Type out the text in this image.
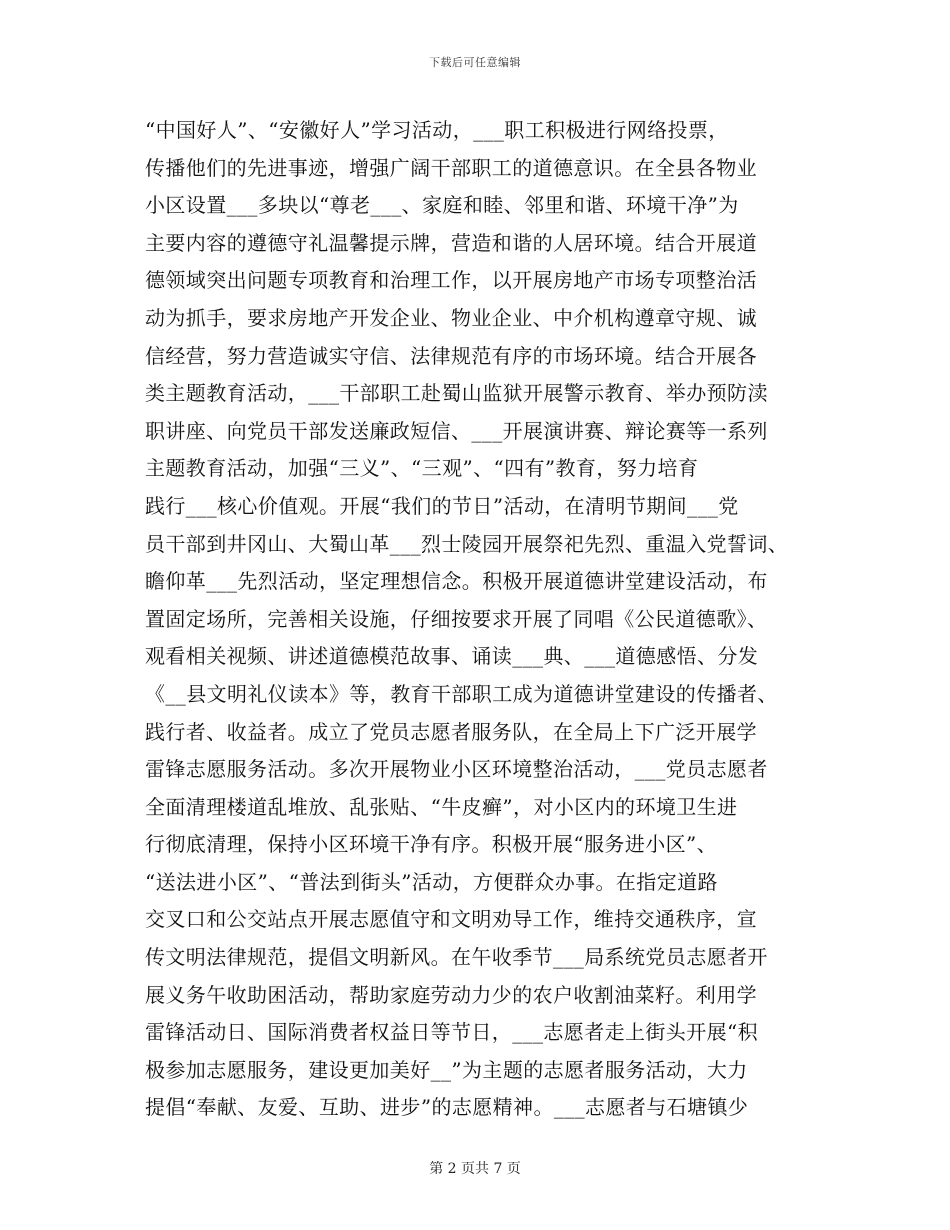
下载后可任意编辑
“中国好人”、“安徽好人”学习活动，___职工积极进行网络投票，
传播他们的先进事迹，增强广阔干部职工的道德意识。在全县各物业
小区设置___多块以“尊老___、家庭和睦、邻里和谐、环境干净”为
主要内容的遵德守礼温馨提示牌，营造和谐的人居环境。结合开展道
德领域突出问题专项教育和治理工作，以开展房地产市场专项整治活
动为抓手，要求房地产开发企业、物业企业、中介机构遵章守规、诚
信经营，努力营造诚实守信、法律规范有序的市场环境。结合开展各
类主题教育活动，___干部职工赴蜀山监狱开展警示教育、举办预防渎
职讲座、向党员干部发送廉政短信、___开展演讲赛、辩论赛等一系列
主题教育活动，加强“三义”、“三观”、“四有”教育，努力培育
践行___核心价值观。开展“我们的节日”活动，在清明节期间___党
员干部到井冈山、大蜀山革___烈士陵园开展祭祀先烈、重温入党誓词、
瞻仰革___先烈活动，坚定理想信念。积极开展道德讲堂建设活动，布
置固定场所，完善相关设施，仔细按要求开展了同唱《公民道德歌》、
观看相关视频、讲述道德模范故事、诵读___典、___道德感悟、分发
《__县文明礼仪读本》等，教育干部职工成为道德讲堂建设的传播者、
践行者、收益者。成立了党员志愿者服务队，在全局上下广泛开展学
雷锋志愿服务活动。多次开展物业小区环境整治活动，___党员志愿者
全面清理楼道乱堆放、乱张贴、“牛皮癣”，对小区内的环境卫生进
行彻底清理，保持小区环境干净有序。积极开展“服务进小区”、
“送法进小区”、“普法到街头”活动，方便群众办事。在指定道路
交叉口和公交站点开展志愿值守和文明劝导工作，维持交通秩序，宣
传文明法律规范，提倡文明新风。在午收季节___局系统党员志愿者开
展义务午收助困活动，帮助家庭劳动力少的农户收割油菜籽。利用学
雷锋活动日、国际消费者权益日等节日，___志愿者走上街头开展“积
极参加志愿服务，建设更加美好__”为主题的志愿者服务活动，大力
提倡“奉献、友爱、互助、进步”的志愿精神。___志愿者与石塘镇少
第 2 页共 7 页
